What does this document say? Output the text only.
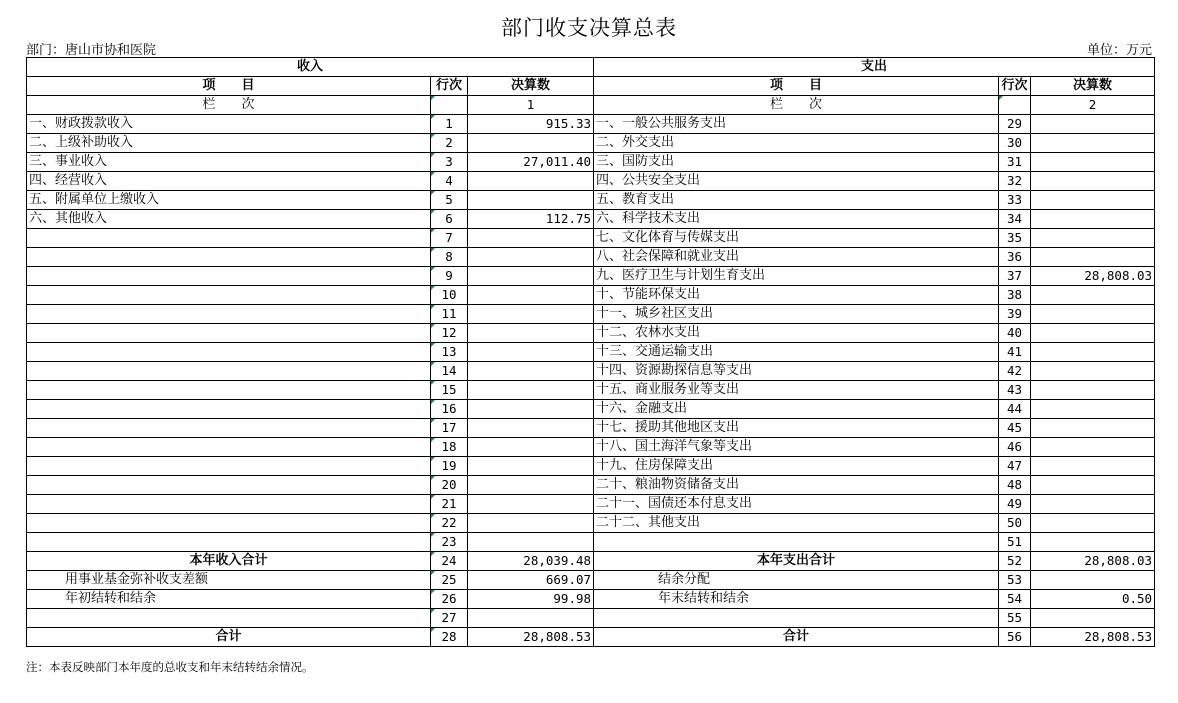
部门收支决算总表
部门：唐山市协和医院	单位：万元
收入			支出		
项　　目	行次	决算数	项　　目	行次	决算数
栏　　次		1	栏　　次		2
一、财政拨款收入	1	915.33	一、一般公共服务支出	29	
二、上级补助收入	2		二、外交支出	30	
三、事业收入	3	27,011.40	三、国防支出	31	
四、经营收入	4		四、公共安全支出	32	
五、附属单位上缴收入	5		五、教育支出	33	
六、其他收入	6	112.75	六、科学技术支出	34	
	7		七、文化体育与传媒支出	35	
	8		八、社会保障和就业支出	36	
	9		九、医疗卫生与计划生育支出	37	28,808.03
	10		十、节能环保支出	38	
	11		十一、城乡社区支出	39	
	12		十二、农林水支出	40	
	13		十三、交通运输支出	41	
	14		十四、资源勘探信息等支出	42	
	15		十五、商业服务业等支出	43	
	16		十六、金融支出	44	
	17		十七、援助其他地区支出	45	
	18		十八、国土海洋气象等支出	46	
	19		十九、住房保障支出	47	
	20		二十、粮油物资储备支出	48	
	21		二十一、国债还本付息支出	49	
	22		二十二、其他支出	50	
	23			51	
本年收入合计	24	28,039.48	本年支出合计	52	28,808.03
用事业基金弥补收支差额	25	669.07	结余分配	53	
年初结转和结余	26	99.98	年末结转和结余	54	0.50
	27			55	
合计	28	28,808.53	合计	56	28,808.53
注：本表反映部门本年度的总收支和年末结转结余情况。
